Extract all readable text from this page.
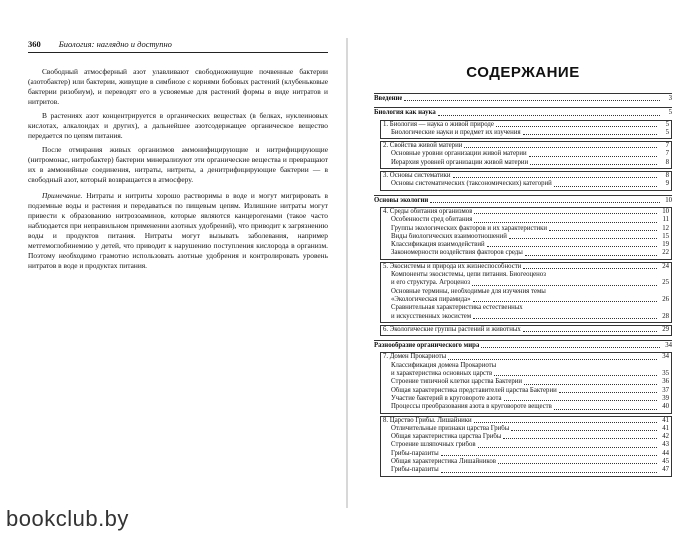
360 Биология: наглядно и доступно

Свободный атмосферный азот улавливают свободноживущие почвенные бактерии (азотобактер) или бактерии, живущие в симбиозе с корнями бобовых растений (клубеньковые бактерии ризобиум), и переводят его в усвояемые для растений формы в виде нитратов и нитритов.

В растениях азот концентрируется в органических веществах (в белках, нуклеиновых кислотах, алкалоидах и других), а дальнейшее азотсодержащее органическое вещество передается по цепям питания.

После отмирания живых организмов аммонифицирующие и нитрифицирующие (нитромонас, нитробактер) бактерии минерализуют эти органические вещества и превращают их в аммонийные соединения, нитраты, нитриты, а денитрифицирующие бактерии — в свободный азот, который возвращается в атмосферу.

Примечание. Нитраты и нитриты хорошо растворимы в воде и могут мигрировать в подземные воды и растения и передаваться по пищевым цепям. Излишние нитраты могут привести к образованию нитрозоаминов, которые являются канцерогенами (такое часто наблюдается при неправильном применении азотных удобрений), что приводит к загрязнению воды и продуктов питания. Нитраты могут вызывать заболевания, например метгемоглобинемию у детей, что приводит к нарушению поступления кислорода в организм. Поэтому необходимо грамотно использовать азотные удобрения и контролировать уровень нитратов в воде и продуктах питания.

СОДЕРЖАНИЕ
Введение	3
Биология как наука	5
1. Биология — наука о живой природе	5
Биологические науки и предмет их изучения	5
2. Свойства живой материи	7
Основные уровни организации живой материи	7
Иерархия уровней организации живой материи	8
3. Основы систематики	8
Основы систематических (таксономических) категорий	9
Основы экологии	10
4. Среды обитания организмов	10
Особенности сред обитания	11
Группы экологических факторов и их характеристики	12
Виды биологических взаимоотношений	15
Классификация взаимодействий	19
Закономерности воздействия факторов среды	22
5. Экосистемы и природа их жизнеспособности	24
Компоненты экосистемы, цепи питания. Биогеоценоз
и его структура. Агроценоз	25
Основные термины, необходимые для изучения темы
«Экологическая пирамида»	26
Сравнительная характеристика естественных
и искусственных экосистем	28
6. Экологические группы растений и животных	29
Разнообразие органического мира	34
7. Домен Прокариоты	34
Классификация домена Прокариоты
и характеристика основных царств	35
Строение типичной клетки царства Бактерии	36
Общая характеристика представителей царства Бактерии	37
Участие бактерий в круговороте азота	39
Процессы преобразования азота в круговороте веществ	40
8. Царство Грибы. Лишайники	41
Отличительные признаки царства Грибы	41
Общая характеристика царства Грибы	42
Строение шляпочных грибов	43
Грибы-паразиты	44
Общая характеристика Лишайников	45
Грибы-паразиты	47
bookclub.by
